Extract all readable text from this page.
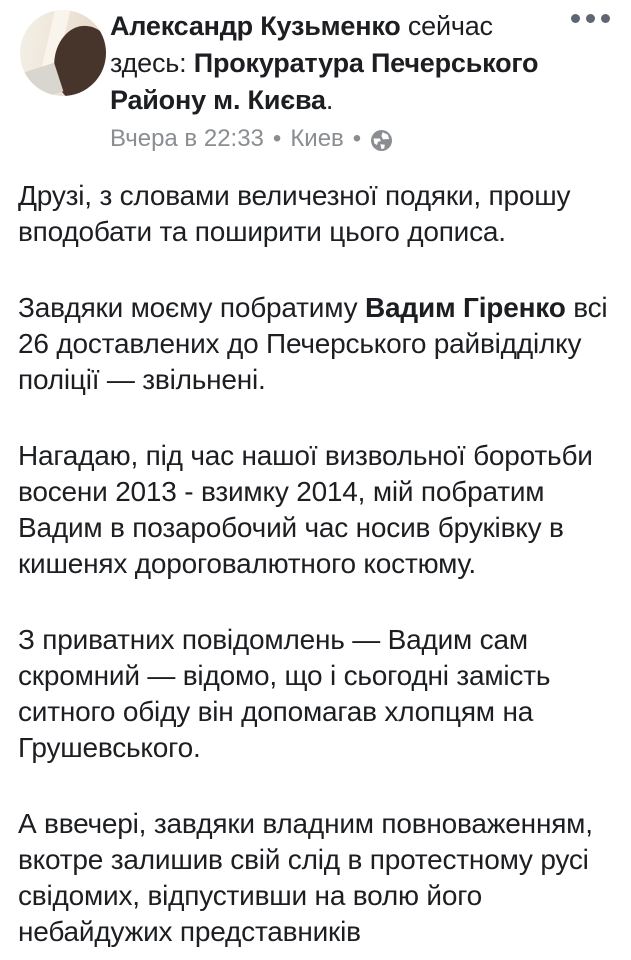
Александр Кузьменко сейчас здесь: Прокуратура Печерського Району м. Києва.
Вчера в 22:33 • Киев •

Друзі, з словами величезної подяки, прошу вподобати та поширити цього дописа.

Завдяки моєму побратиму Вадим Гіренко всі 26 доставлених до Печерського райвідділку поліції — звільнені.

Нагадаю, під час нашої визвольної боротьби восени 2013 - взимку 2014, мій побратим Вадим в позаробочий час носив бруківку в кишенях дороговалютного костюму.

З приватних повідомлень — Вадим сам скромний — відомо, що і сьогодні замість ситного обіду він допомагав хлопцям на Грушевського.

А ввечері, завдяки владним повноваженням, вкотре залишив свій слід в протестному русі свідомих, відпустивши на волю його небайдужих представників
